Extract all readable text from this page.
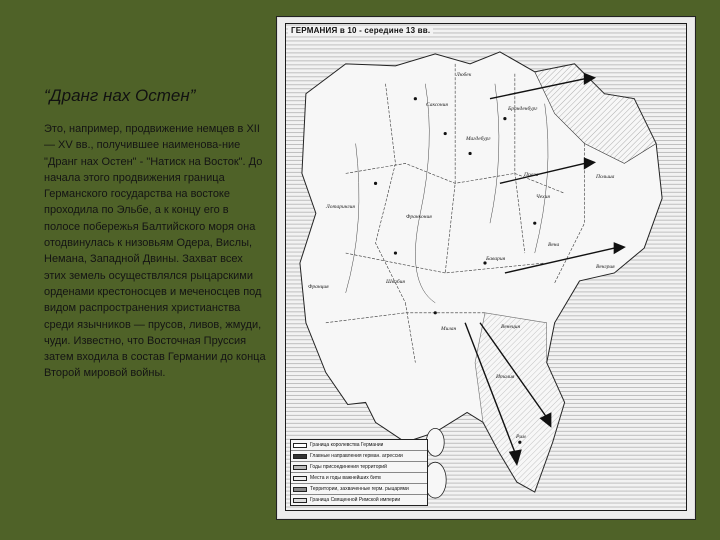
“Дранг нах Остен”

Это, например, продвижение немцев в XII — XV вв., получившее наименова-ние "Дранг нах Остен" - "Натиск на Восток". До начала этого продвижения граница Германского государства на востоке проходила по Эльбе, а к концу его в полосе побережья Балтийского моря она отодвинулась к низовьям Одера, Вислы, Немана, Западной Двины. Захват всех этих земель осуществлялся рыцарскими орденами крестоносцев и меченосцев под видом распространения христианства среди язычников — прусов, ливов, жмуди, чуди. Известно, что Восточная Пруссия затем входила в состав Германии до конца Второй мировой войны.

ГЕРМАНИЯ в 10 - середине 13 вв.
Саксония
Бавария
Франкония
Швабия
Лотарингия
Чехия
Польша
Венгрия
Италия
Франция
Рим
Милан	Венеция
Магдебург
Бранденбург
Вена
Прага
Любек
Граница королевства Германии
Главные направления герман. агрессии
Годы присоединения территорий
Места и годы важнейших битв
Территории, захваченные герм. рыцарями
Граница Священной Римской империи
